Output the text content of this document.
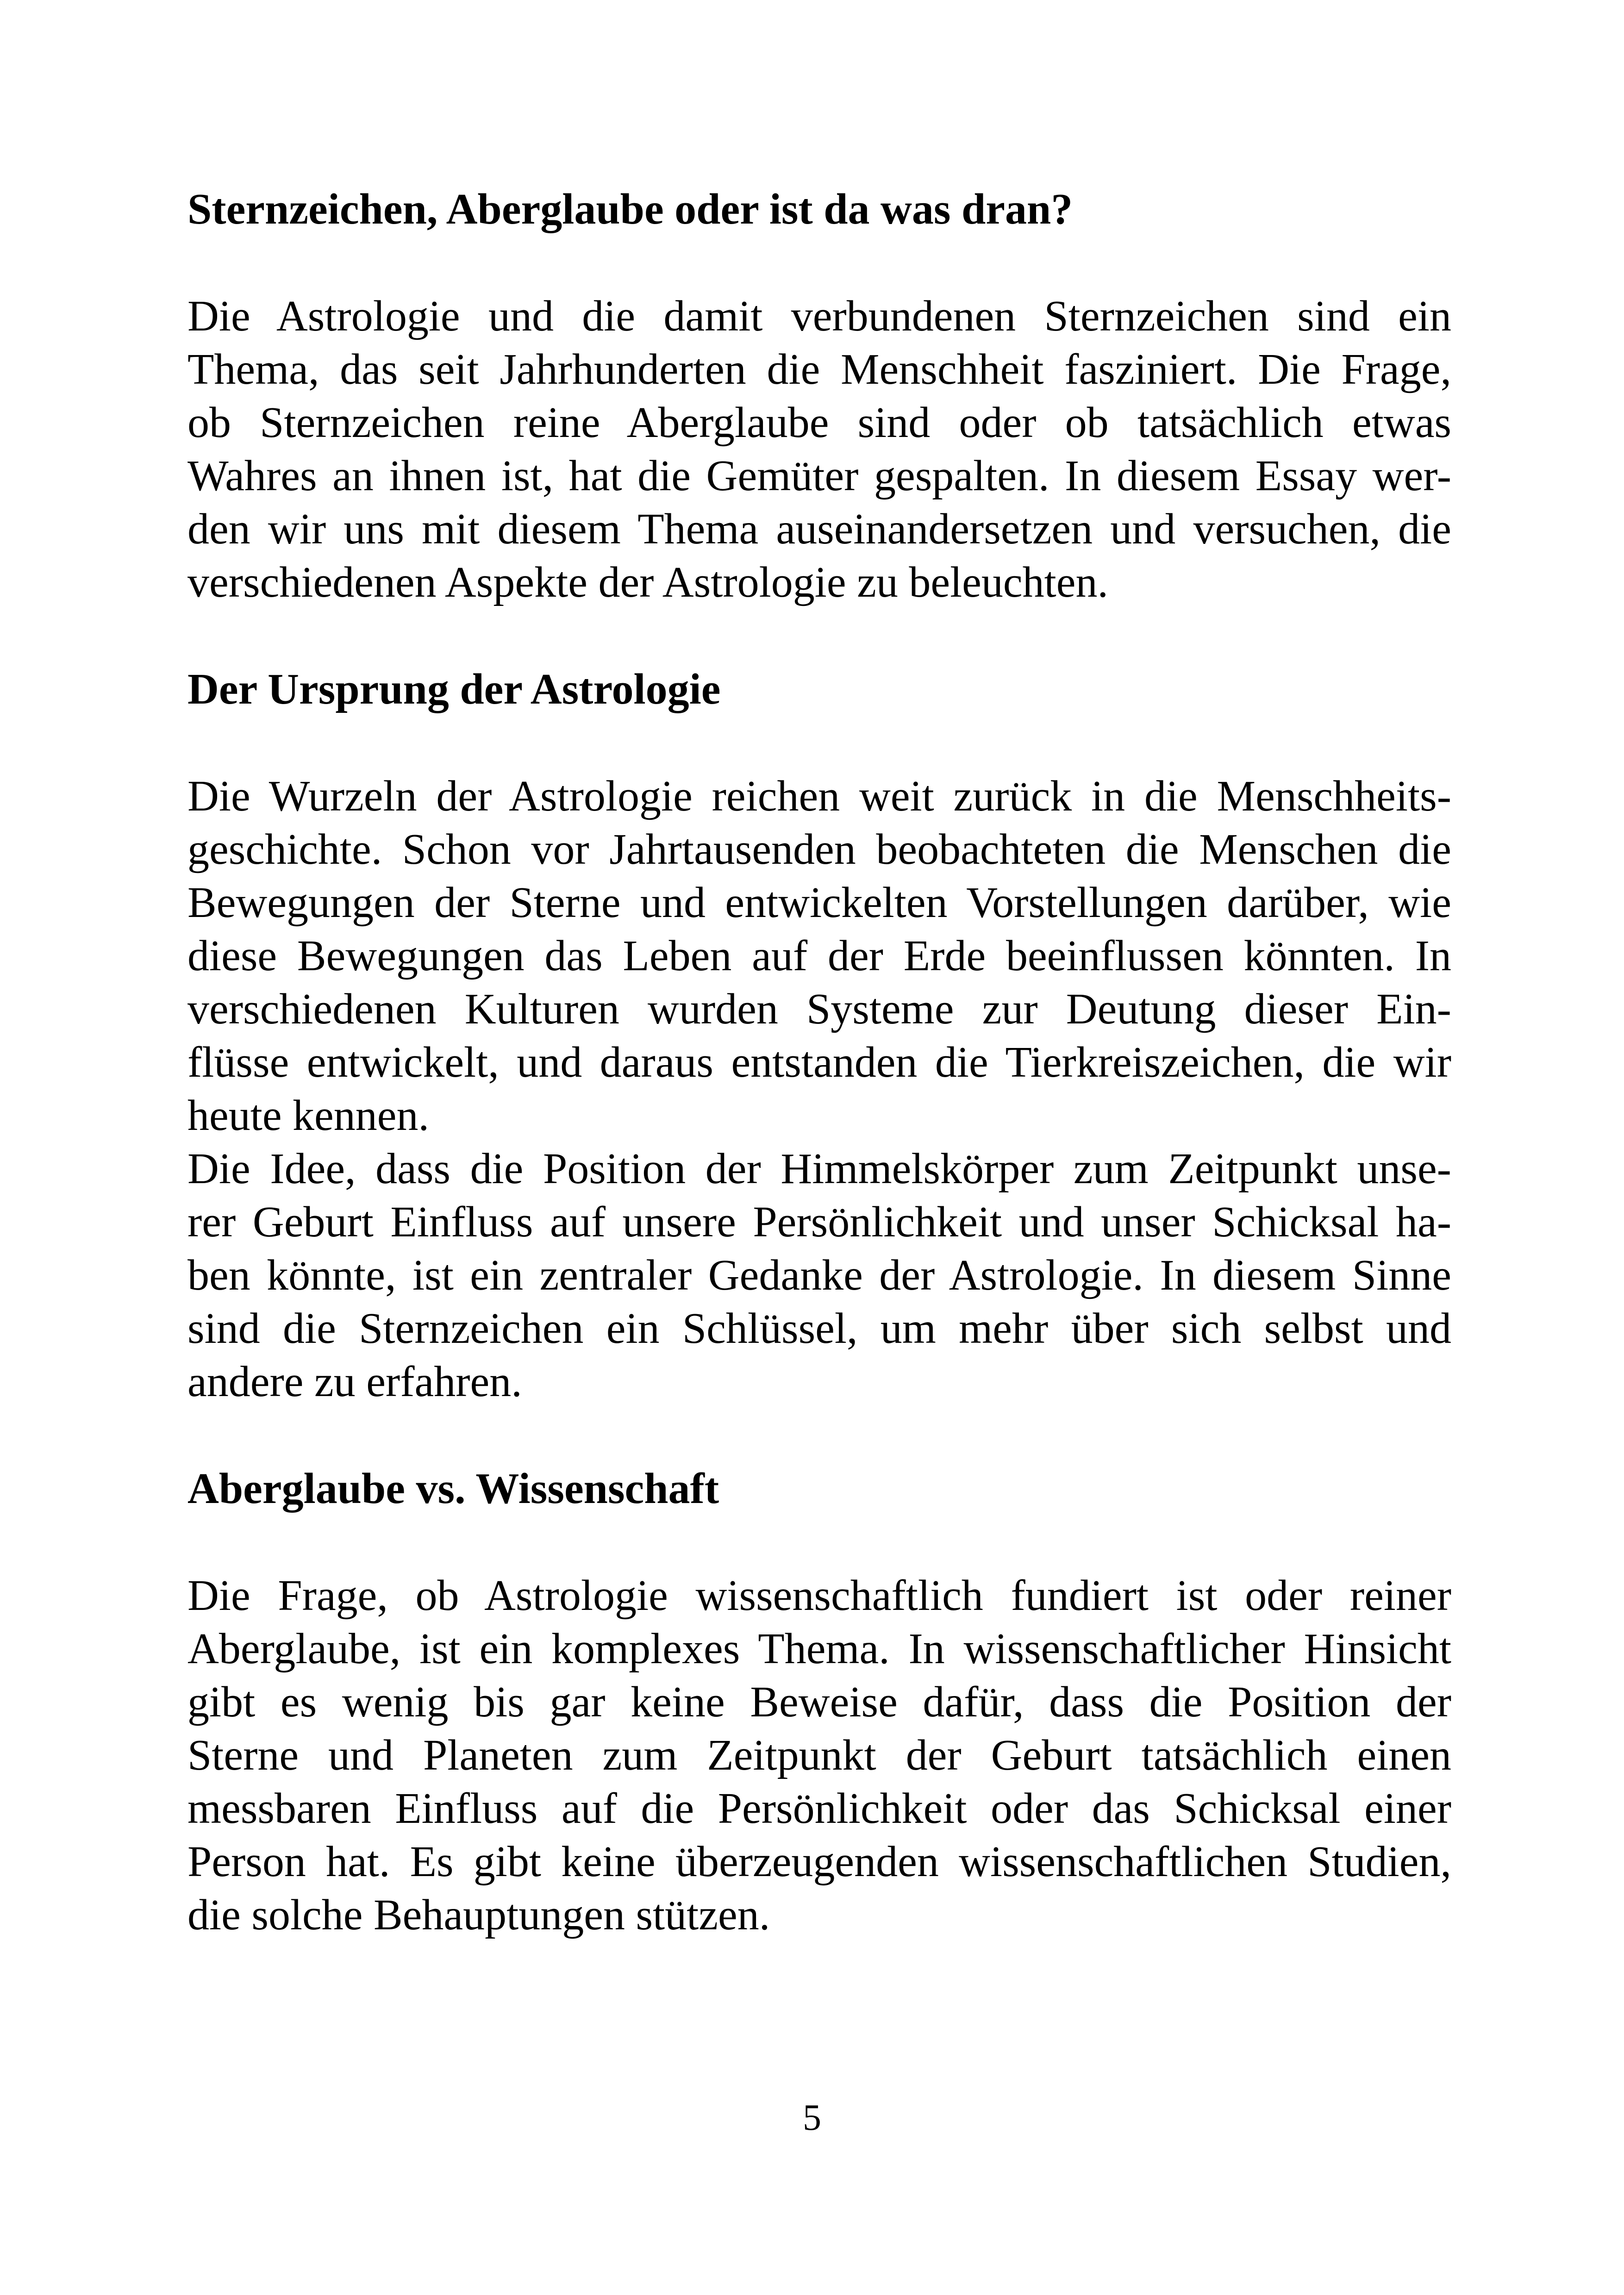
Sternzeichen, Aberglaube oder ist da was dran?
Die Astrologie und die damit verbundenen Sternzeichen sind ein
Thema, das seit Jahrhunderten die Menschheit fasziniert. Die Frage,
ob Sternzeichen reine Aberglaube sind oder ob tatsächlich etwas
Wahres an ihnen ist, hat die Gemüter gespalten. In diesem Essay wer-
den wir uns mit diesem Thema auseinandersetzen und versuchen, die
verschiedenen Aspekte der Astrologie zu beleuchten.
Der Ursprung der Astrologie
Die Wurzeln der Astrologie reichen weit zurück in die Menschheits-
geschichte. Schon vor Jahrtausenden beobachteten die Menschen die
Bewegungen der Sterne und entwickelten Vorstellungen darüber, wie
diese Bewegungen das Leben auf der Erde beeinflussen könnten. In
verschiedenen Kulturen wurden Systeme zur Deutung dieser Ein-
flüsse entwickelt, und daraus entstanden die Tierkreiszeichen, die wir
heute kennen.
Die Idee, dass die Position der Himmelskörper zum Zeitpunkt unse-
rer Geburt Einfluss auf unsere Persönlichkeit und unser Schicksal ha-
ben könnte, ist ein zentraler Gedanke der Astrologie. In diesem Sinne
sind die Sternzeichen ein Schlüssel, um mehr über sich selbst und
andere zu erfahren.
Aberglaube vs. Wissenschaft
Die Frage, ob Astrologie wissenschaftlich fundiert ist oder reiner
Aberglaube, ist ein komplexes Thema. In wissenschaftlicher Hinsicht
gibt es wenig bis gar keine Beweise dafür, dass die Position der
Sterne und Planeten zum Zeitpunkt der Geburt tatsächlich einen
messbaren Einfluss auf die Persönlichkeit oder das Schicksal einer
Person hat. Es gibt keine überzeugenden wissenschaftlichen Studien,
die solche Behauptungen stützen.
5
